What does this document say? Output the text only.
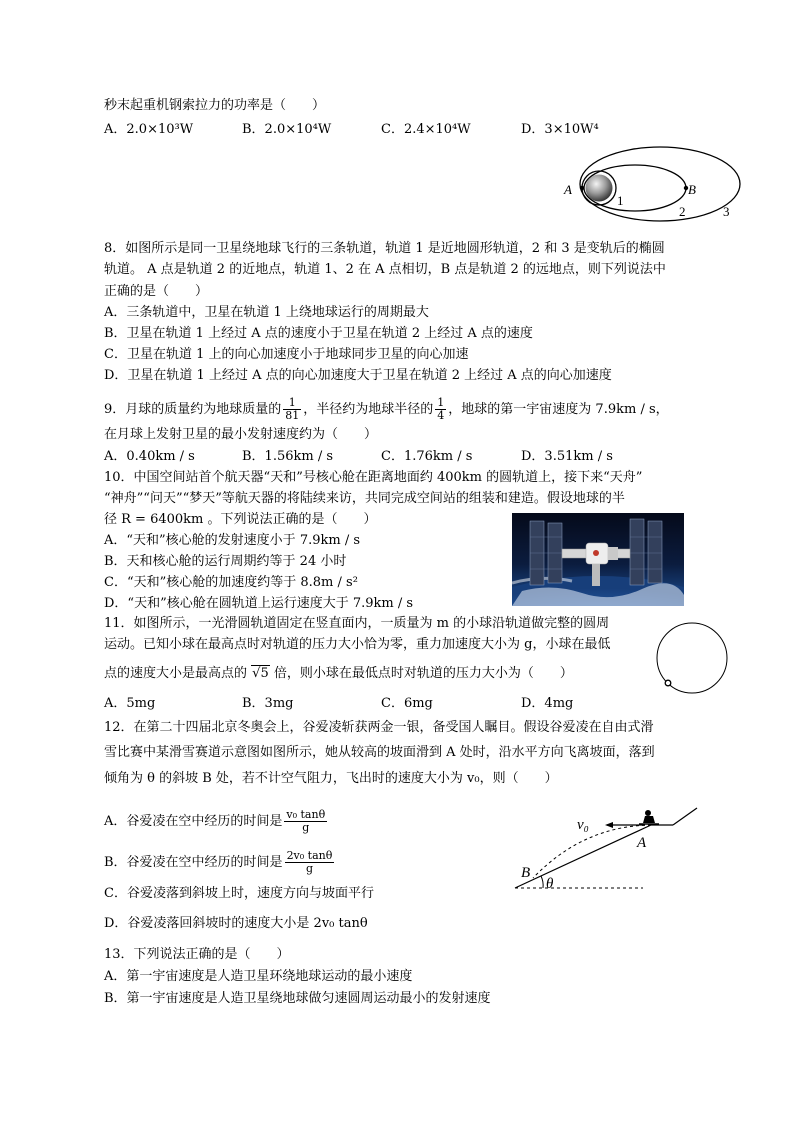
秒末起重机钢索拉力的功率是（　　）
A．2.0×10³W	B．2.0×10⁴W	C．2.4×10⁴W	D．3×10W⁴
A	B
1
2	3
8．如图所示是同一卫星绕地球飞行的三条轨道，轨道 1 是近地圆形轨道，2 和 3 是变轨后的椭圆
轨道。 A 点是轨道 2 的近地点，轨道 1、2 在 A 点相切，B 点是轨道 2 的远地点，则下列说法中
正确的是（　　）
A．三条轨道中，卫星在轨道 1 上绕地球运行的周期最大
B．卫星在轨道 1 上经过 A 点的速度小于卫星在轨道 2 上经过 A 点的速度
C．卫星在轨道 1 上的向心加速度小于地球同步卫星的向心加速
D．卫星在轨道 1 上经过 A 点的向心加速度大于卫星在轨道 2 上经过 A 点的向心加速度
9．月球的质量约为地球质量的 $\frac{1}{81}$ ，半径约为地球半径的 $\frac{1}{4}$ ，地球的第一宇宙速度为 7.9km / s，
在月球上发射卫星的最小发射速度约为（　　）
A．0.40km / s	B．1.56km / s	C．1.76km / s	D．3.51km / s
10．中国空间站首个航天器“天和”号核心舱在距离地面约 400km 的圆轨道上，接下来“天舟”
“神舟”“问天”“梦天”等航天器的将陆续来访，共同完成空间站的组装和建造。假设地球的半
径 R = 6400km 。下列说法正确的是（　　）
A．“天和”核心舱的发射速度小于 7.9km / s
B．天和核心舱的运行周期约等于 24 小时
C．“天和”核心舱的加速度约等于 8.8m / s²
D．“天和”核心舱在圆轨道上运行速度大于 7.9km / s
11．如图所示，一光滑圆轨道固定在竖直面内，一质量为 m 的小球沿轨道做完整的圆周
运动。已知小球在最高点时对轨道的压力大小恰为零，重力加速度大小为 g，小球在最低
点的速度大小是最高点的 √5 倍，则小球在最低点时对轨道的压力大小为（　　）
A．5mg	B．3mg	C．6mg	D．4mg
12．在第二十四届北京冬奥会上，谷爱凌斩获两金一银，备受国人瞩目。假设谷爱凌在自由式滑
雪比赛中某滑雪赛道示意图如图所示，她从较高的坡面滑到 A 处时，沿水平方向飞离坡面，落到
倾角为 θ 的斜坡 B 处，若不计空气阻力，飞出时的速度大小为 v₀，则（　　）
A．谷爱凌在空中经历的时间是 $\frac{\text{v₀ tanθ}}{g}$
B．谷爱凌在空中经历的时间是 $\frac{\text{2v₀ tanθ}}{g}$
C．谷爱凌落到斜坡上时，速度方向与坡面平行
D．谷爱凌落回斜坡时的速度大小是 2v₀ tanθ
v₀
A
B
θ
13．下列说法正确的是（　　）
A．第一宇宙速度是人造卫星环绕地球运动的最小速度
B．第一宇宙速度是人造卫星绕地球做匀速圆周运动最小的发射速度
